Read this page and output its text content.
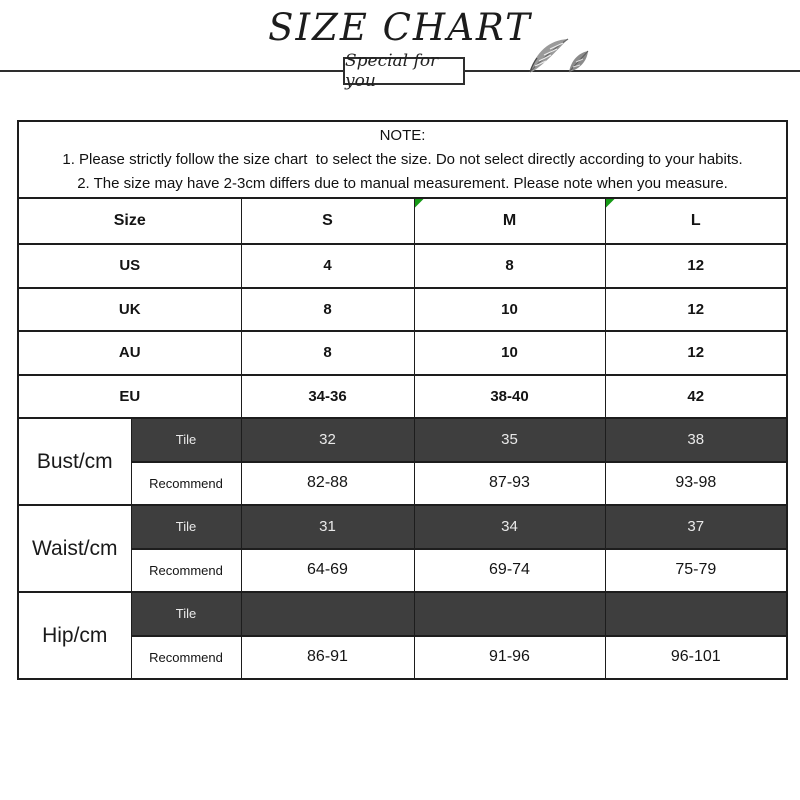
SIZE CHART
Special for you
NOTE:
1. Please strictly follow the size chart  to select the size. Do not select directly according to your habits.
2. The size may have 2-3cm differs due to manual measurement. Please note when you measure.				

Size		S	M	L
US		4	8	12
UK		8	10	12
AU		8	10	12
EU		34-36	38-40	42
Bust/cm	Tile	32	35	38
	Recommend	82-88	87-93	93-98
Waist/cm	Tile	31	34	37
	Recommend	64-69	69-74	75-79
Hip/cm	Tile			
	Recommend	86-91	91-96	96-101
